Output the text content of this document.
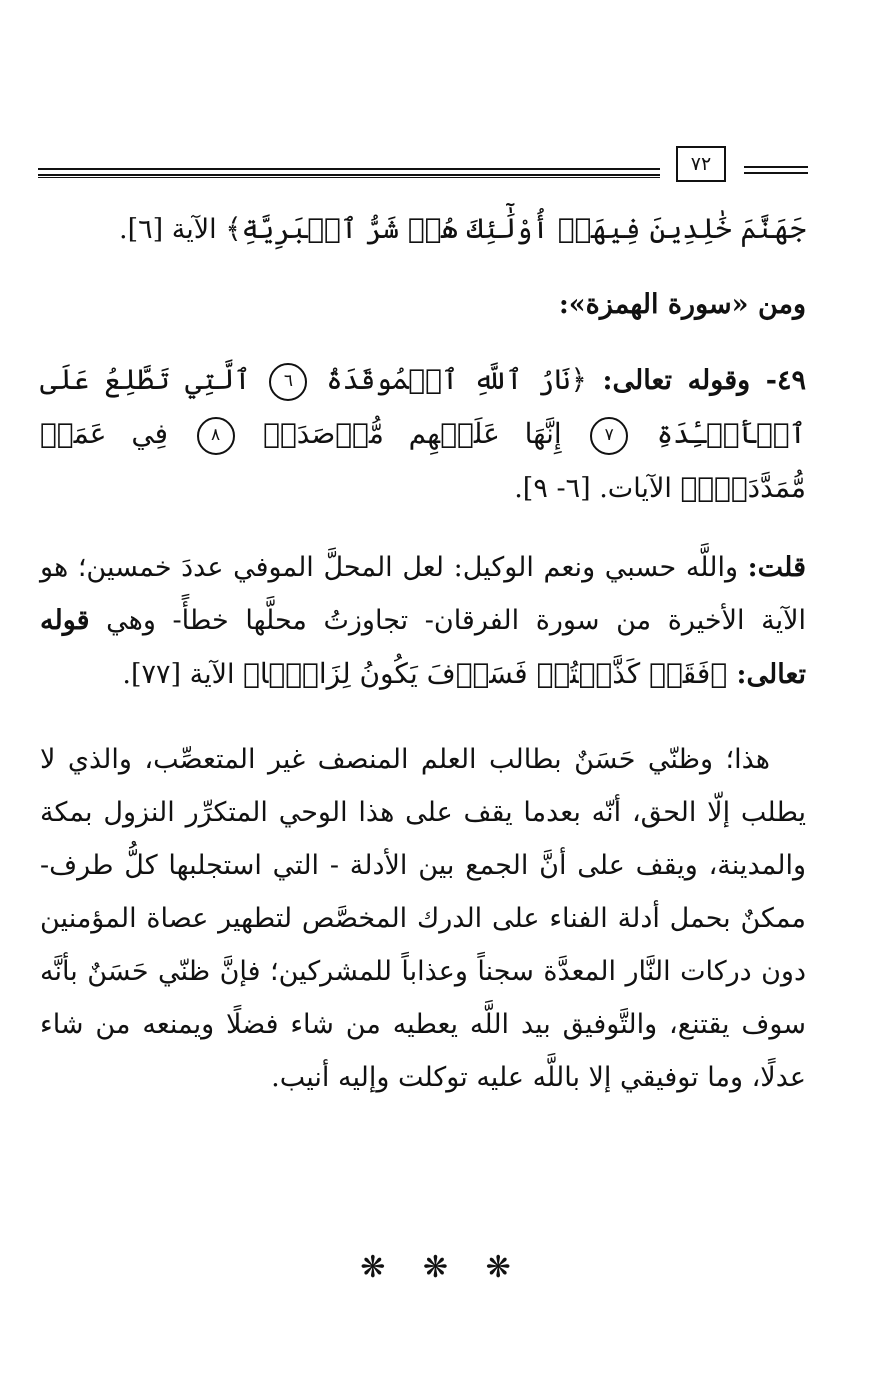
٧٢

جَهَنَّمَ خَٰلِدِينَ فِيهَآۚ أُوْلَٰٓئِكَ هُمۡ شَرُّ ٱلۡبَرِيَّةِ﴾ الآية [٦].

ومن «سورة الهمزة»:

٤٩- وقوله تعالى: ﴿نَارُ ٱللَّهِ ٱلۡمُوقَدَةُ ٦ ٱلَّتِي تَطَّلِعُ عَلَى ٱلۡأَفۡـِٔدَةِ ٧ إِنَّهَا عَلَيۡهِم مُّؤۡصَدَةٞ ٨ فِي عَمَدٖ مُّمَدَّدَةِۭ﴾ الآيات. [٦- ٩].

قلت: واللَّه حسبي ونعم الوكيل: لعل المحلَّ الموفي عددَ خمسين؛ هو الآية الأخيرة من سورة الفرقان- تجاوزتُ محلَّها خطأً- وهي قوله تعالى: ﴿فَقَدۡ كَذَّبۡتُمۡ فَسَوۡفَ يَكُونُ لِزَامَۢا﴾ الآية [٧٧].

هذا؛ وظنّي حَسَنٌ بطالب العلم المنصف غير المتعصِّب، والذي لا يطلب إلّا الحق، أنّه بعدما يقف على هذا الوحي المتكرِّر النزول بمكة والمدينة، ويقف على أنَّ الجمع بين الأدلة - التي استجلبها كلُّ طرف- ممكنٌ بحمل أدلة الفناء على الدرك المخصَّص لتطهير عصاة المؤمنين دون دركات النَّار المعدَّة سجناً وعذاباً للمشركين؛ فإنَّ ظنّي حَسَنٌ بأنَّه سوف يقتنع، والتَّوفيق بيد اللَّه يعطيه من شاء فضلًا ويمنعه من شاء عدلًا، وما توفيقي إلا باللَّه عليه توكلت وإليه أنيب.

❋ ❋ ❋
